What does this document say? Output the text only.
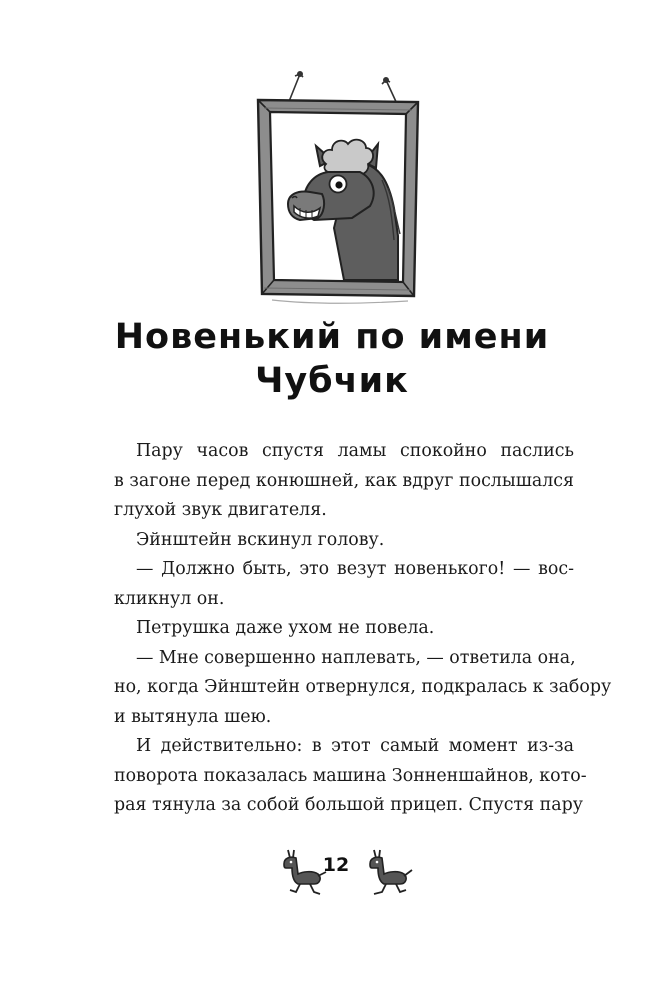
Новенький по имени
Чубчик
Пару часов спустя ламы спокойно паслись
в загоне перед конюшней, как вдруг послышался
глухой звук двигателя.
Эйнштейн вскинул голову.
— Должно быть, это везут новенького! — вос-
кликнул он.
Петрушка даже ухом не повела.
— Мне совершенно наплевать, — ответила она,
но, когда Эйнштейн отвернулся, подкралась к забору
и вытянула шею.
И действительно: в этот самый момент из-за
поворота показалась машина Зонненшайнов, кото-
рая тянула за собой большой прицеп. Спустя пару
12
